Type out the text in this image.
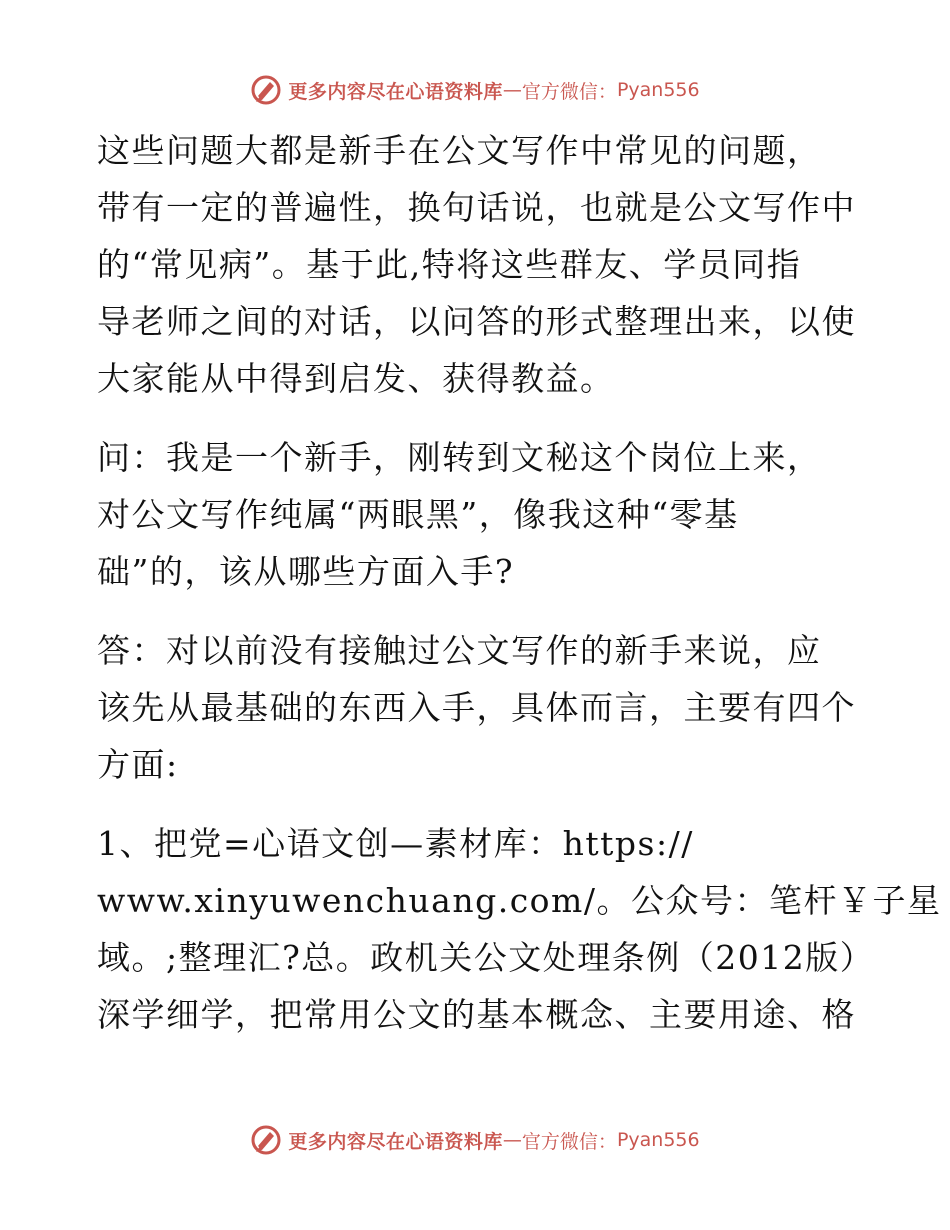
更多内容尽在心语资料库 — 官方微信： Pyan556
这些问题大都是新手在公文写作中常见的问题，
带有一定的普遍性，换句话说，也就是公文写作中
的“常见病”。基于此,特将这些群友、学员同指
导老师之间的对话，以问答的形式整理出来，以使
大家能从中得到启发、获得教益。
问：我是一个新手，刚转到文秘这个岗位上来，
对公文写作纯属“两眼黑”，像我这种“零基
础”的，该从哪些方面入手?
答：对以前没有接触过公文写作的新手来说，应
该先从最基础的东西入手，具体而言，主要有四个
方面:
1、把党=心语文创—素材库：https://
www.xinyuwenchuang.com/。公众号：笔杆￥子星
域。;整理汇?总。政机关公文处理条例（2012版）
深学细学，把常用公文的基本概念、主要用途、格
更多内容尽在心语资料库 — 官方微信： Pyan556
